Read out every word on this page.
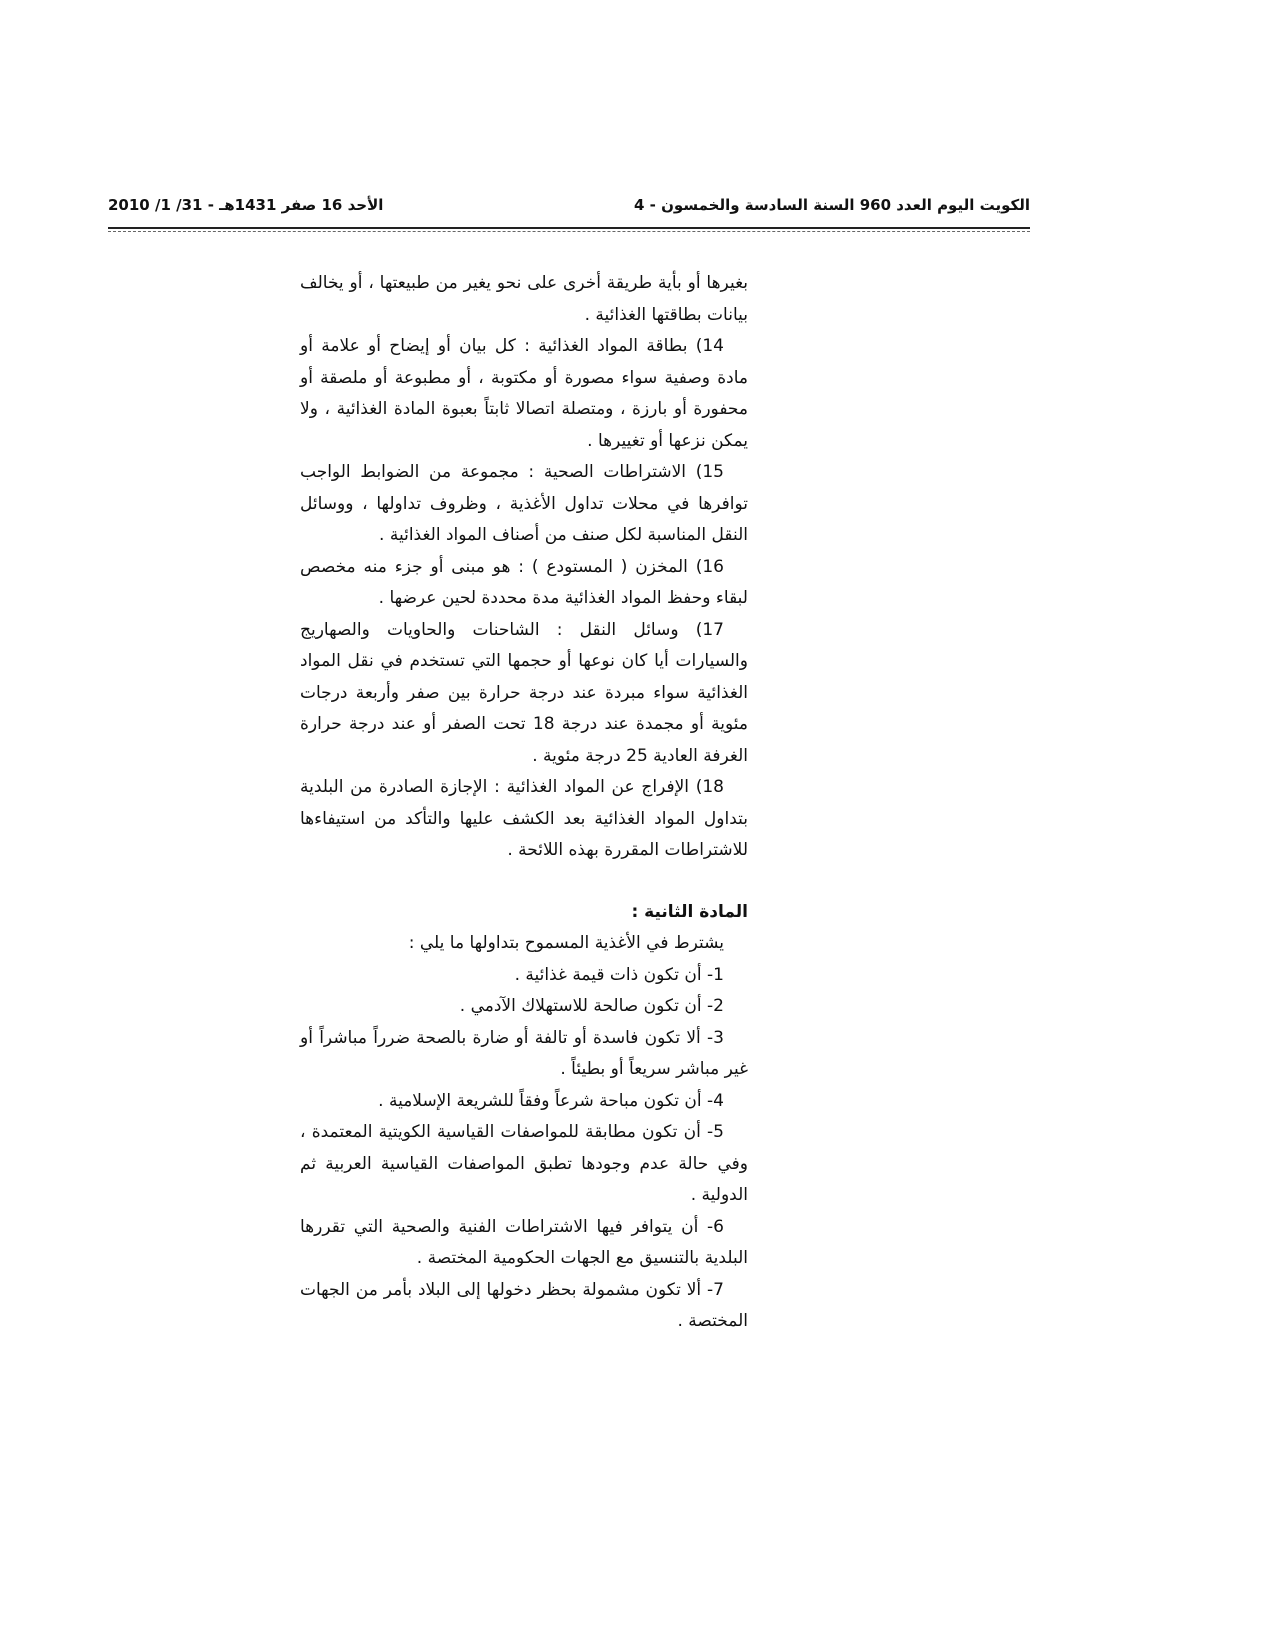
الكويت اليوم العدد 960 السنة السادسة والخمسون - 4
الأحد 16 صفر 1431هـ - 31/ 1/ 2010

بغيرها أو بأية طريقة أخرى على نحو يغير من طبيعتها ، أو يخالف بيانات بطاقتها الغذائية .

14) بطاقة المواد الغذائية : كل بيان أو إيضاح أو علامة أو مادة وصفية سواء مصورة أو مكتوبة ، أو مطبوعة أو ملصقة أو محفورة أو بارزة ، ومتصلة اتصالا ثابتاً بعبوة المادة الغذائية ، ولا يمكن نزعها أو تغييرها .

15) الاشتراطات الصحية : مجموعة من الضوابط الواجب توافرها في محلات تداول الأغذية ، وظروف تداولها ، ووسائل النقل المناسبة لكل صنف من أصناف المواد الغذائية .

16) المخزن ( المستودع ) : هو مبنى أو جزء منه مخصص لبقاء وحفظ المواد الغذائية مدة محددة لحين عرضها .

17) وسائل النقل : الشاحنات والحاويات والصهاريج والسيارات أيا كان نوعها أو حجمها التي تستخدم في نقل المواد الغذائية سواء مبردة عند درجة حرارة بين صفر وأربعة درجات مئوية أو مجمدة عند درجة 18 تحت الصفر أو عند درجة حرارة الغرفة العادية 25 درجة مئوية .

18) الإفراج عن المواد الغذائية : الإجازة الصادرة من البلدية بتداول المواد الغذائية بعد الكشف عليها والتأكد من استيفاءها للاشتراطات المقررة بهذه اللائحة .

المادة الثانية :

يشترط في الأغذية المسموح بتداولها ما يلي :

1- أن تكون ذات قيمة غذائية .

2- أن تكون صالحة للاستهلاك الآدمي .

3- ألا تكون فاسدة أو تالفة أو ضارة بالصحة ضرراً مباشراً أو غير مباشر سريعاً أو بطيئاً .

4- أن تكون مباحة شرعاً وفقاً للشريعة الإسلامية .

5- أن تكون مطابقة للمواصفات القياسية الكويتية المعتمدة ، وفي حالة عدم وجودها تطبق المواصفات القياسية العربية ثم الدولية .

6- أن يتوافر فيها الاشتراطات الفنية والصحية التي تقررها البلدية بالتنسيق مع الجهات الحكومية المختصة .

7- ألا تكون مشمولة بحظر دخولها إلى البلاد بأمر من الجهات المختصة .
